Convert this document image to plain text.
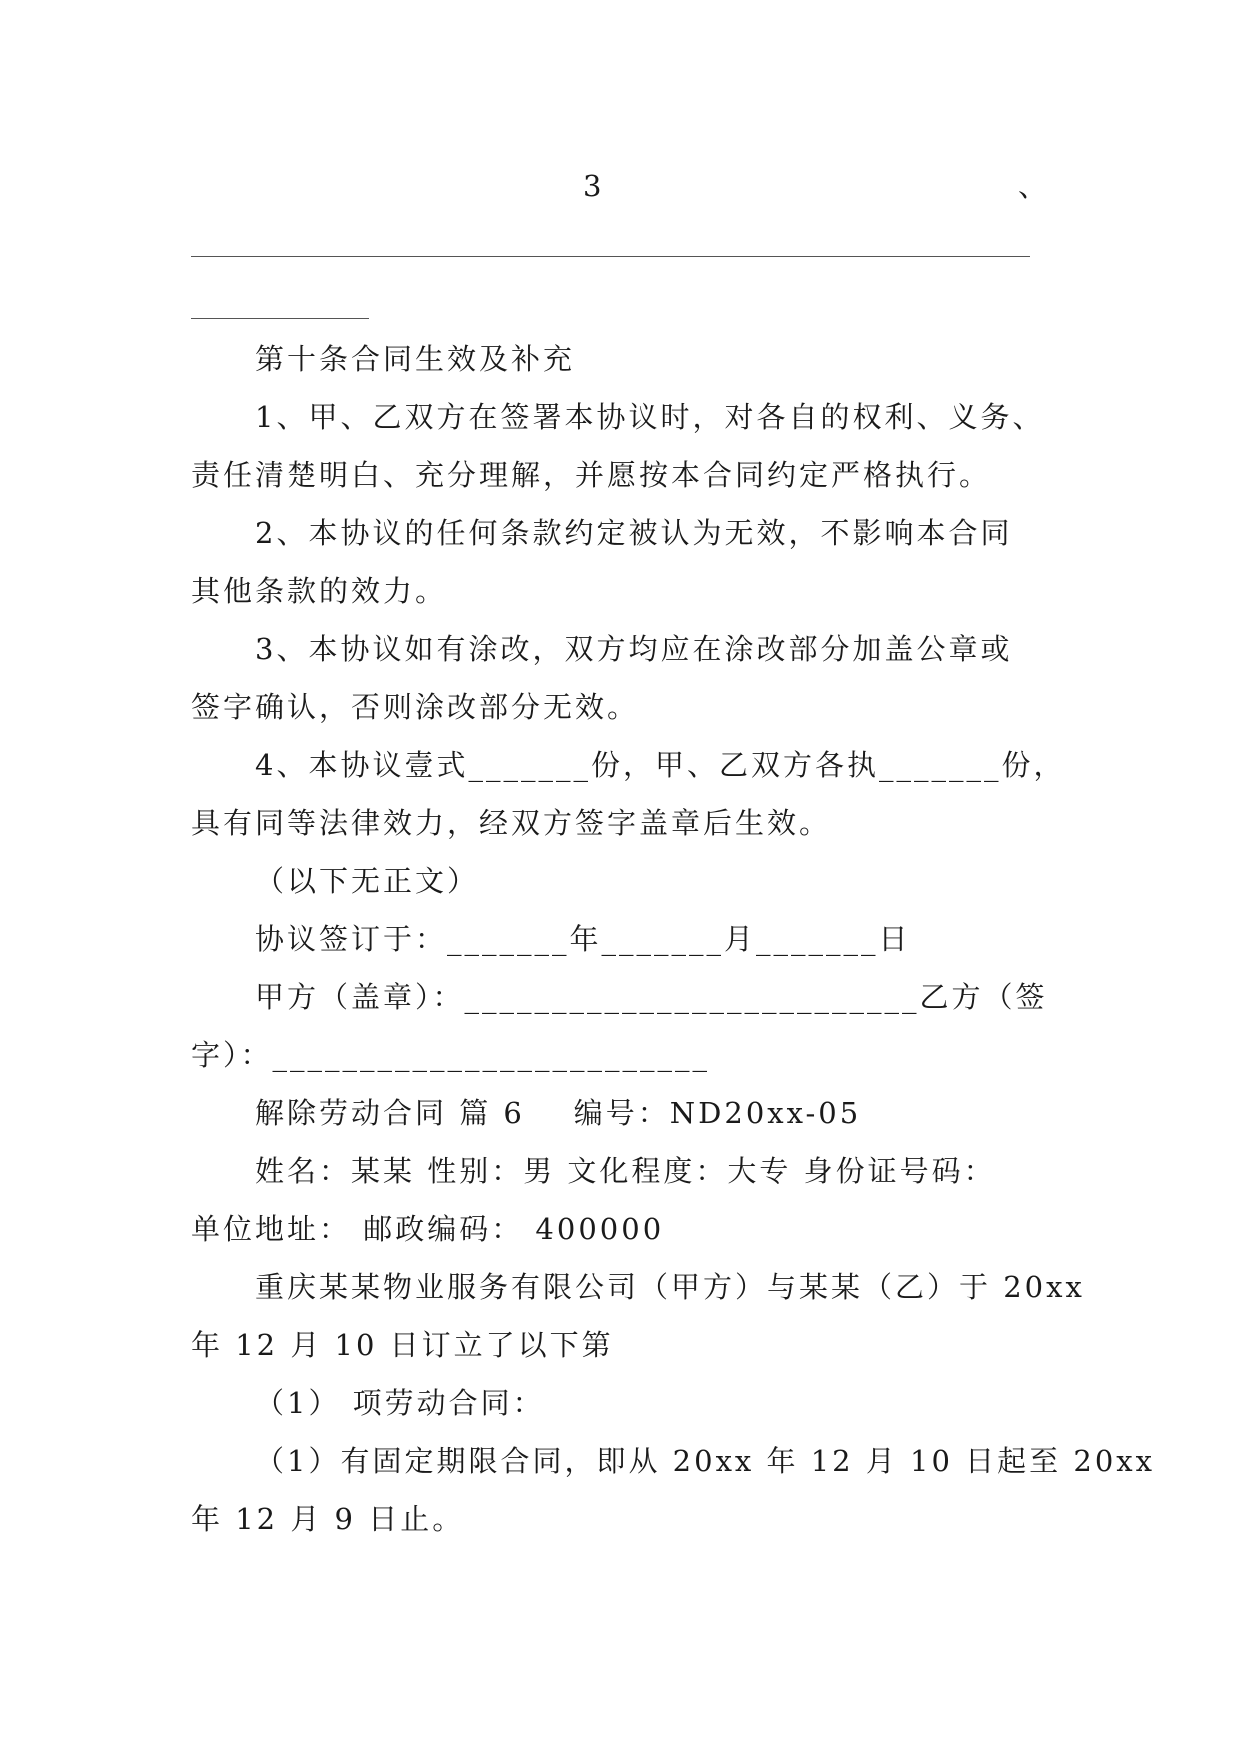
3	、
第十条合同生效及补充
1、甲、乙双方在签署本协议时，对各自的权利、义务、
责任清楚明白、充分理解，并愿按本合同约定严格执行。
2、本协议的任何条款约定被认为无效，不影响本合同
其他条款的效力。
3、本协议如有涂改，双方均应在涂改部分加盖公章或
签字确认，否则涂改部分无效。
4、本协议壹式_______份，甲、乙双方各执_______份，
具有同等法律效力，经双方签字盖章后生效。
（以下无正文）
协议签订于：_______年_______月_______日
甲方（盖章）：__________________________乙方（签
字）：_________________________
解除劳动合同 篇 6    编号：ND20xx-05
姓名：某某 性别：男 文化程度：大专 身份证号码：
单位地址： 邮政编码： 400000
重庆某某物业服务有限公司（甲方）与某某（乙）于 20xx
年 12 月 10 日订立了以下第
（1） 项劳动合同：
（1）有固定期限合同，即从 20xx 年 12 月 10 日起至 20xx
年 12 月 9 日止。
